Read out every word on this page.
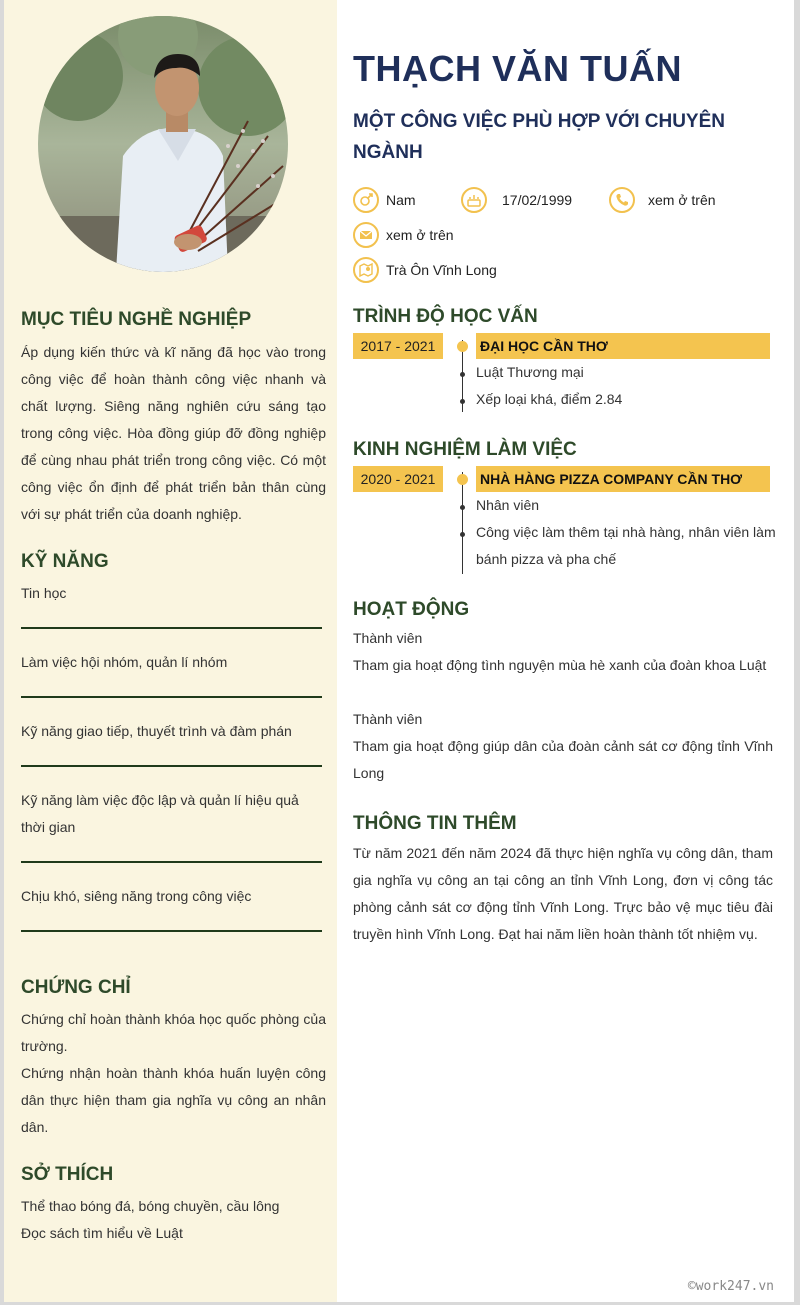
MỤC TIÊU NGHỀ NGHIỆP
Áp dụng kiến thức và kĩ năng đã học vào trong công việc để hoàn thành công việc nhanh và chất lượng. Siêng năng nghiên cứu sáng tạo trong công việc. Hòa đồng giúp đỡ đồng nghiệp để cùng nhau phát triển trong công việc. Có một công việc ổn định để phát triển bản thân cùng với sự phát triển của doanh nghiệp.
KỸ NĂNG
Tin học
Làm việc hội nhóm, quản lí nhóm
Kỹ năng giao tiếp, thuyết trình và đàm phán
Kỹ năng làm việc độc lập và quản lí hiệu quả thời gian
Chịu khó, siêng năng trong công việc
CHỨNG CHỈ
Chứng chỉ hoàn thành khóa học quốc phòng của trường.
Chứng nhận hoàn thành khóa huấn luyện công dân thực hiện tham gia nghĩa vụ công an nhân dân.
SỞ THÍCH
Thể thao bóng đá, bóng chuyền, cầu lông
Đọc sách tìm hiểu về Luật
THẠCH VĂN TUẤN
MỘT CÔNG VIỆC PHÙ HỢP VỚI CHUYÊN NGÀNH
Nam	17/02/1999	xem ở trên
xem ở trên
Trà Ôn Vĩnh Long
TRÌNH ĐỘ HỌC VẤN
2017 - 2021	ĐẠI HỌC CẦN THƠ
Luật Thương mại
Xếp loại khá, điểm 2.84
KINH NGHIỆM LÀM VIỆC
2020 - 2021	NHÀ HÀNG PIZZA COMPANY CẦN THƠ
Nhân viên
Công việc làm thêm tại nhà hàng, nhân viên làm bánh pizza và pha chế
HOẠT ĐỘNG
Thành viên
Tham gia hoạt động tình nguyện mùa hè xanh của đoàn khoa Luật
Thành viên
Tham gia hoạt động giúp dân của đoàn cảnh sát cơ động tỉnh Vĩnh Long
THÔNG TIN THÊM
Từ năm 2021 đến năm 2024 đã thực hiện nghĩa vụ công dân, tham gia nghĩa vụ công an tại công an tỉnh Vĩnh Long, đơn vị công tác phòng cảnh sát cơ động tỉnh Vĩnh Long. Trực bảo vệ mục tiêu đài truyền hình Vĩnh Long. Đạt hai năm liền hoàn thành tốt nhiệm vụ.
©work247.vn
